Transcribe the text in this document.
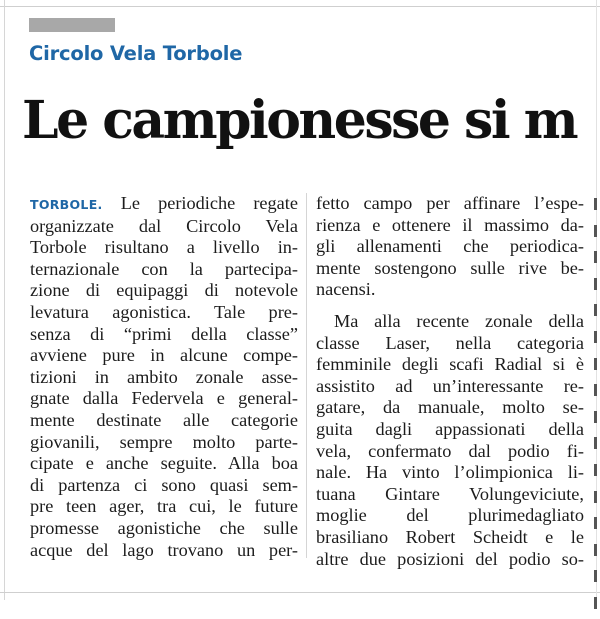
Circolo Vela Torbole
Le campionesse si m
TORBOLE. Le periodiche regate
organizzate dal Circolo Vela
Torbole risultano a livello in-
ternazionale con la partecipa-
zione di equipaggi di notevole
levatura agonistica. Tale pre-
senza di “primi della classe”
avviene pure in alcune compe-
tizioni in ambito zonale asse-
gnate dalla Federvela e general-
mente destinate alle categorie
giovanili, sempre molto parte-
cipate e anche seguite. Alla boa
di partenza ci sono quasi sem-
pre teen ager, tra cui, le future
promesse agonistiche che sulle
acque del lago trovano un per-
fetto campo per affinare l’espe-
rienza e ottenere il massimo da-
gli allenamenti che periodica-
mente sostengono sulle rive be-
nacensi.
Ma alla recente zonale della
classe Laser, nella categoria
femminile degli scafi Radial si è
assistito ad un’interessante re-
gatare, da manuale, molto se-
guita dagli appassionati della
vela, confermato dal podio fi-
nale. Ha vinto l’olimpionica li-
tuana Gintare Volungeviciute,
moglie del plurimedagliato
brasiliano Robert Scheidt e le
altre due posizioni del podio so-
